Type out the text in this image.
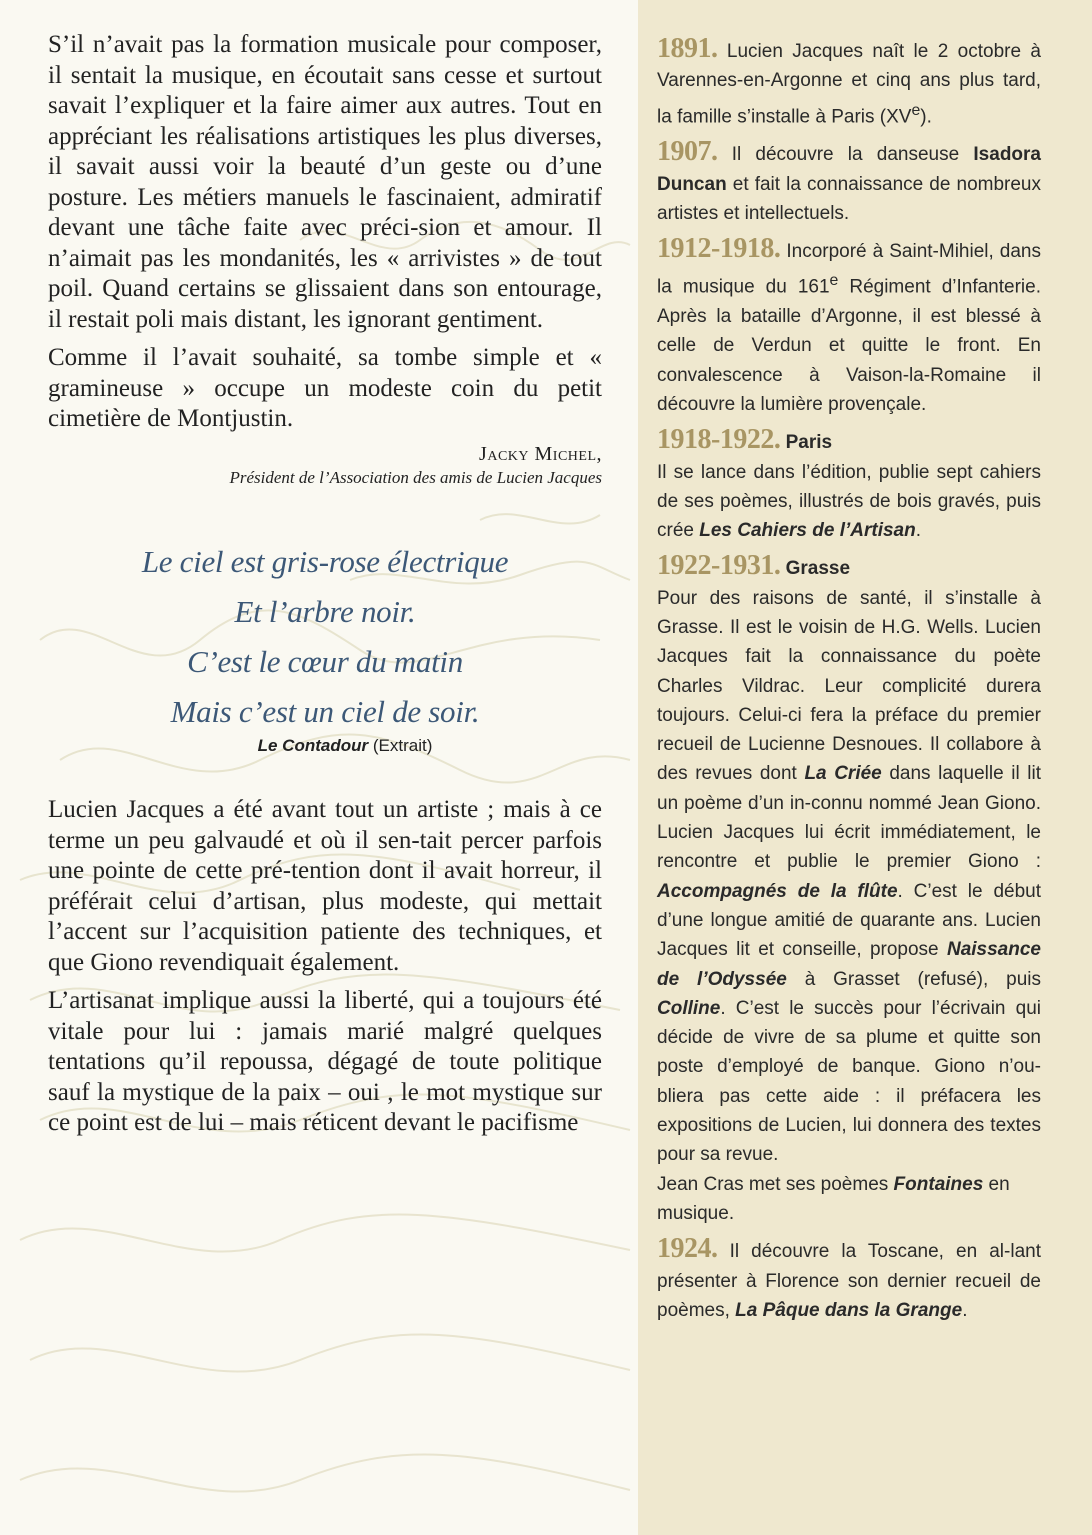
S’il n’avait pas la formation musicale pour composer, il sentait la musique, en écoutait sans cesse et surtout savait l’expliquer et la faire aimer aux autres. Tout en appréciant les réalisations artistiques les plus diverses, il savait aussi voir la beauté d’un geste ou d’une posture. Les métiers manuels le fascinaient, admiratif devant une tâche faite avec préci-sion et amour. Il n’aimait pas les mondanités, les « arrivistes » de tout poil. Quand certains se glissaient dans son entourage, il restait poli mais distant, les ignorant gentiment.

Comme il l’avait souhaité, sa tombe simple et « gramineuse » occupe un modeste coin du petit cimetière de Montjustin.

Jacky Michel,
Président de l’Association des amis de Lucien Jacques
Le ciel est gris-rose électrique
Et l’arbre noir.
C’est le cœur du matin
Mais c’est un ciel de soir.
Le Contadour (Extrait)

Lucien Jacques a été avant tout un artiste ; mais à ce terme un peu galvaudé et où il sen-tait percer parfois une pointe de cette pré-tention dont il avait horreur, il préférait celui d’artisan, plus modeste, qui mettait l’accent sur l’acquisition patiente des techniques, et que Giono revendiquait également.

L’artisanat implique aussi la liberté, qui a toujours été vitale pour lui : jamais marié malgré quelques tentations qu’il repoussa, dégagé de toute politique sauf la mystique de la paix – oui , le mot mystique sur ce point est de lui – mais réticent devant le pacifisme

1891. Lucien Jacques naît le 2 octobre à Varennes-en-Argonne et cinq ans plus tard, la famille s’installe à Paris (XVe).
1907. Il découvre la danseuse Isadora Duncan et fait la connaissance de nombreux artistes et intellectuels.
1912-1918. Incorporé à Saint-Mihiel, dans la musique du 161e Régiment d’Infanterie. Après la bataille d’Argonne, il est blessé à celle de Verdun et quitte le front. En convalescence à Vaison-la-Romaine il découvre la lumière provençale.
1918-1922. Paris
Il se lance dans l’édition, publie sept cahiers de ses poèmes, illustrés de bois gravés, puis crée Les Cahiers de l’Artisan.
1922-1931. Grasse
Pour des raisons de santé, il s’installe à Grasse. Il est le voisin de H.G. Wells. Lucien Jacques fait la connaissance du poète Charles Vildrac. Leur complicité durera toujours. Celui-ci fera la préface du premier recueil de Lucienne Desnoues. Il collabore à des revues dont La Criée dans laquelle il lit un poème d’un in-connu nommé Jean Giono. Lucien Jacques lui écrit immédiatement, le rencontre et publie le premier Giono : Accompagnés de la flûte. C’est le début d’une longue amitié de quarante ans. Lucien Jacques lit et conseille, propose Naissance de l’Odyssée à Grasset (refusé), puis Colline. C’est le succès pour l’écrivain qui décide de vivre de sa plume et quitte son poste d’employé de banque. Giono n’ou-bliera pas cette aide : il préfacera les expositions de Lucien, lui donnera des textes pour sa revue.
Jean Cras met ses poèmes Fontaines en musique.
1924. Il découvre la Toscane, en al-lant présenter à Florence son dernier recueil de poèmes, La Pâque dans la Grange.
